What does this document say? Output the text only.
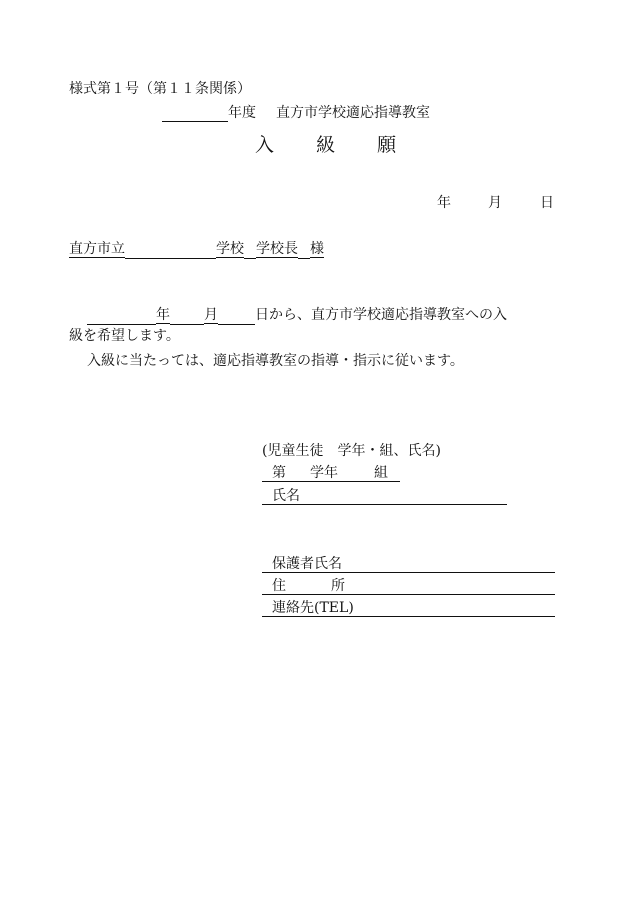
様式第１号（第１１条関係）
年度 直方市学校適応指導教室
入 級 願
年	月	日
直方市立	学校 学校長 様
年 月	日から、直方市学校適応指導教室への入
級を希望します。
入級に当たっては、適応指導教室の指導・指示に従います。
(児童生徒　学年・組、氏名)
第 学年	組
氏名
保護者氏名
住	所
連絡先(TEL)
